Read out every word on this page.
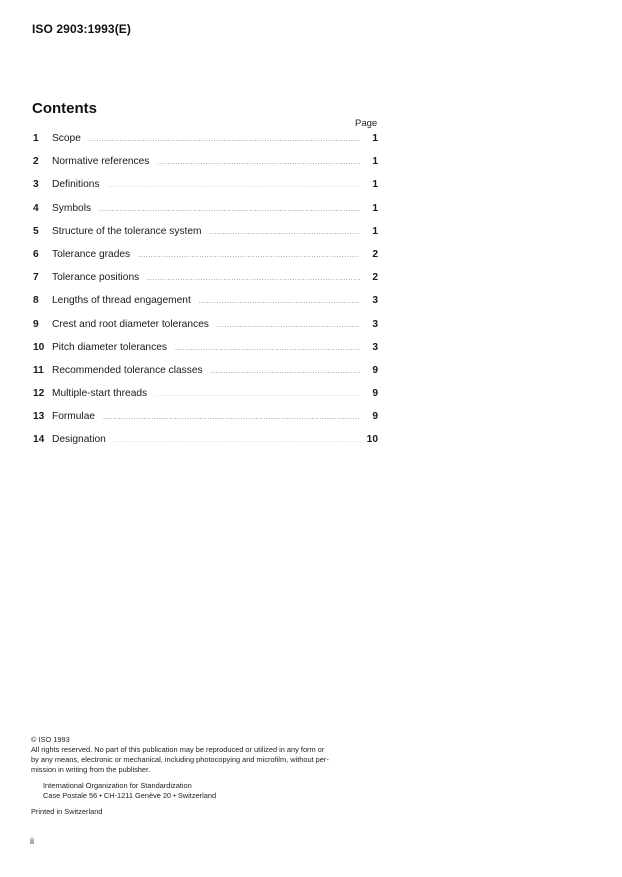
ISO 2903:1993(E)
Contents
Page
1	Scope .....	1
2	Normative references .....	1
3	Definitions .....	1
4	Symbols .....	1
5	Structure of the tolerance system .....	1
6	Tolerance grades .....	2
7	Tolerance positions .....	2
8	Lengths of thread engagement .....	3
9	Crest and root diameter tolerances .....	3
10 Pitch diameter tolerances .....	3
11 Recommended tolerance classes .....	9
12 Multiple-start threads .....	9
13 Formulae .....	9
14 Designation .....	10
© ISO 1993
All rights reserved. No part of this publication may be reproduced or utilized in any form or
by any means, electronic or mechanical, including photocopying and microfilm, without per-
mission in writing from the publisher.
International Organization for Standardization
Case Postale 56 • CH-1211 Genève 20 • Switzerland
Printed in Switzerland
ii
